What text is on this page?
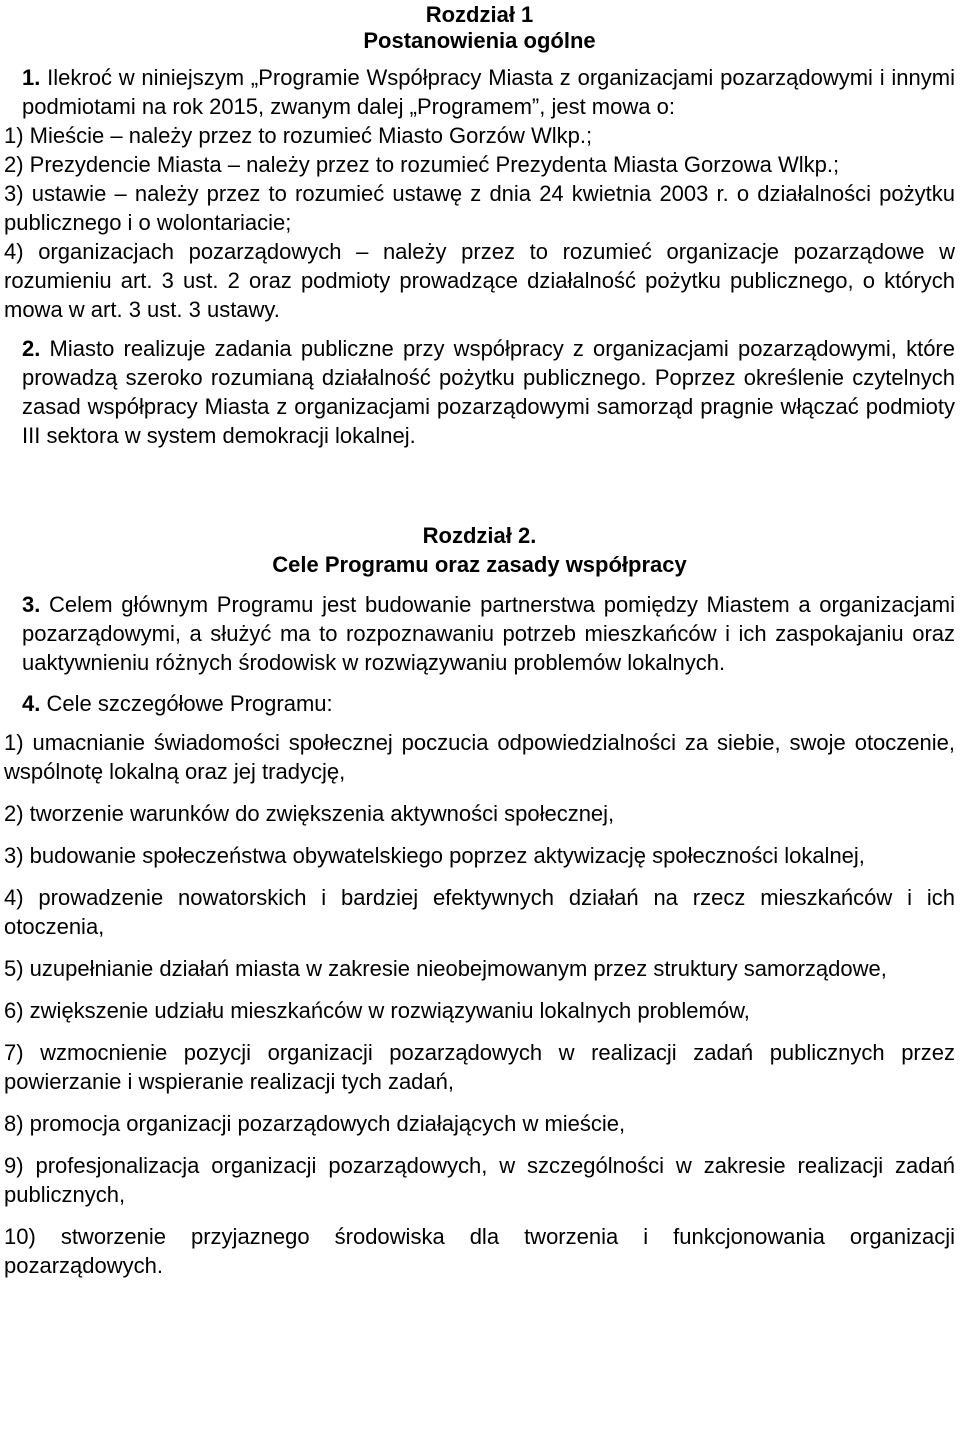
Rozdział 1
Postanowienia ogólne
1. Ilekroć w niniejszym „Programie Współpracy Miasta z organizacjami pozarządowymi i innymi podmiotami na rok 2015, zwanym dalej „Programem”, jest mowa o:
1) Mieście – należy przez to rozumieć Miasto Gorzów Wlkp.;
2) Prezydencie Miasta – należy przez to rozumieć Prezydenta Miasta Gorzowa Wlkp.;
3) ustawie – należy przez to rozumieć ustawę z dnia 24 kwietnia 2003 r. o działalności pożytku publicznego i o wolontariacie;
4) organizacjach pozarządowych – należy przez to rozumieć organizacje pozarządowe w rozumieniu art. 3 ust. 2 oraz podmioty prowadzące działalność pożytku publicznego, o których mowa w art. 3 ust. 3 ustawy.
2. Miasto realizuje zadania publiczne przy współpracy z organizacjami pozarządowymi, które prowadzą szeroko rozumianą działalność pożytku publicznego. Poprzez określenie czytelnych zasad współpracy Miasta z organizacjami pozarządowymi samorząd pragnie włączać podmioty III sektora w system demokracji lokalnej.
Rozdział 2.
Cele Programu oraz zasady współpracy
3. Celem głównym Programu jest budowanie partnerstwa pomiędzy Miastem a organizacjami pozarządowymi, a służyć ma to rozpoznawaniu potrzeb mieszkańców i ich zaspokajaniu oraz uaktywnieniu różnych środowisk w rozwiązywaniu problemów lokalnych.
4. Cele szczegółowe Programu:
1) umacnianie świadomości społecznej poczucia odpowiedzialności za siebie, swoje otoczenie, wspólnotę lokalną oraz jej tradycję,
2) tworzenie warunków do zwiększenia aktywności społecznej,
3) budowanie społeczeństwa obywatelskiego poprzez aktywizację społeczności lokalnej,
4) prowadzenie nowatorskich i bardziej efektywnych działań na rzecz mieszkańców i ich otoczenia,
5) uzupełnianie działań miasta w zakresie nieobejmowanym przez struktury samorządowe,
6) zwiększenie udziału mieszkańców w rozwiązywaniu lokalnych problemów,
7) wzmocnienie pozycji organizacji pozarządowych w realizacji zadań publicznych przez powierzanie i wspieranie realizacji tych zadań,
8) promocja organizacji pozarządowych działających w mieście,
9) profesjonalizacja organizacji pozarządowych, w szczególności w zakresie realizacji zadań publicznych,
10) stworzenie przyjaznego środowiska dla tworzenia i funkcjonowania organizacji pozarządowych.
